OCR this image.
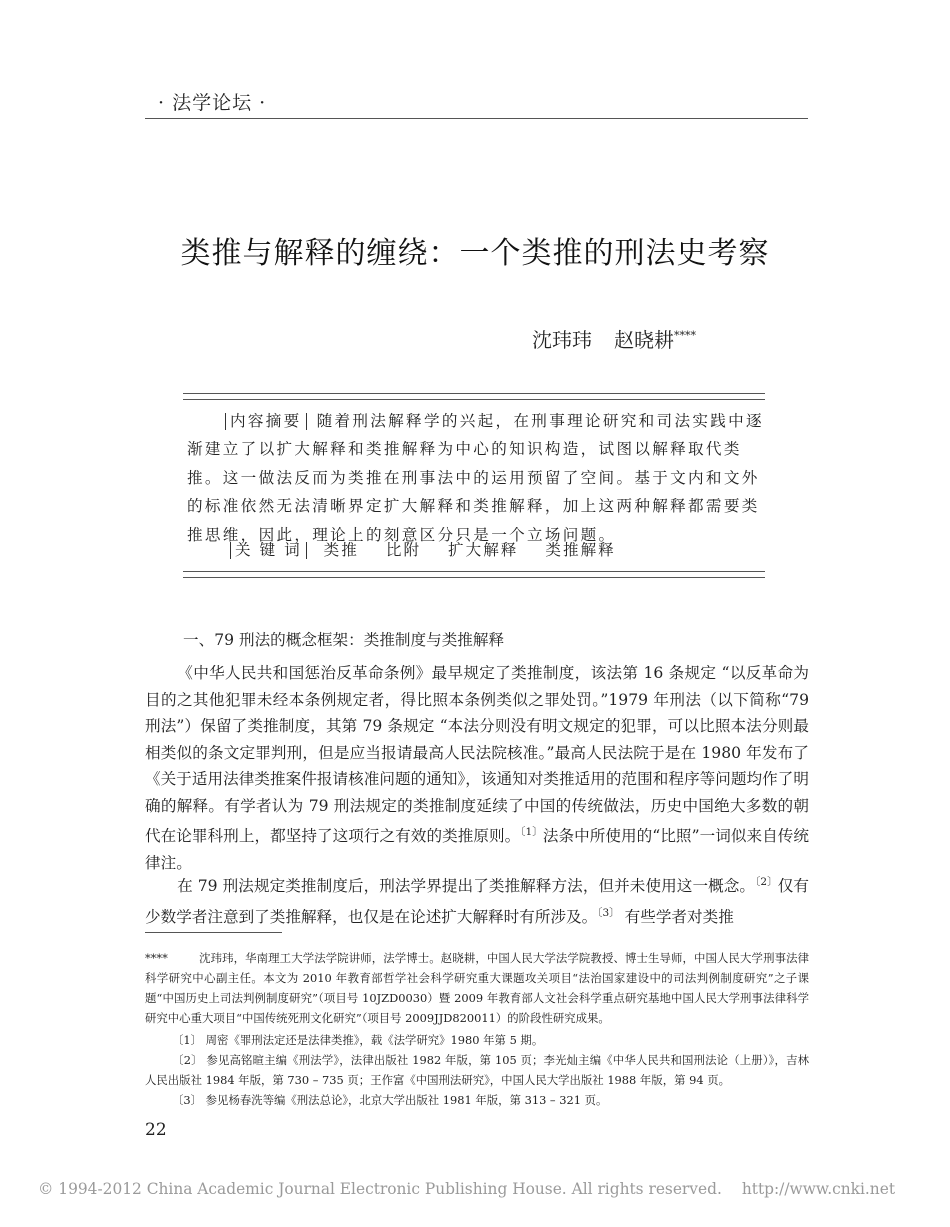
· 法学论坛 ·
类推与解释的缠绕：一个类推的刑法史考察
沈玮玮 赵晓耕****
内容摘要 随着刑法解释学的兴起，在刑事理论研究和司法实践中逐渐建立了以扩大解释和类推解释为中心的知识构造，试图以解释取代类推。这一做法反而为类推在刑事法中的运用预留了空间。基于文内和文外的标准依然无法清晰界定扩大解释和类推解释，加上这两种解释都需要类推思维，因此，理论上的刻意区分只是一个立场问题。
关 键 词 类推 比附 扩大解释 类推解释
一、79 刑法的概念框架：类推制度与类推解释
《中华人民共和国惩治反革命条例》最早规定了类推制度，该法第 16 条规定 “以反革命为目的之其他犯罪未经本条例规定者，得比照本条例类似之罪处罚。”1979 年刑法（以下简称“79 刑法”）保留了类推制度，其第 79 条规定 “本法分则没有明文规定的犯罪，可以比照本法分则最相类似的条文定罪判刑，但是应当报请最高人民法院核准。”最高人民法院于是在 1980 年发布了《关于适用法律类推案件报请核准问题的通知》，该通知对类推适用的范围和程序等问题均作了明确的解释。有学者认为 79 刑法规定的类推制度延续了中国的传统做法，历史中国绝大多数的朝代在论罪科刑上，都坚持了这项行之有效的类推原则。$^{〔1〕}$法条中所使用的“比照”一词似来自传统律注。
在 79 刑法规定类推制度后，刑法学界提出了类推解释方法，但并未使用这一概念。$^{〔2〕}$仅有少数学者注意到了类推解释，也仅是在论述扩大解释时有所涉及。$^{〔3〕}$ 有些学者对类推
****	沈玮玮，华南理工大学法学院讲师，法学博士。赵晓耕，中国人民大学法学院教授、博士生导师，中国人民大学刑事法律科学研究中心副主任。本文为 2010 年教育部哲学社会科学研究重大课题攻关项目“法治国家建设中的司法判例制度研究”之子课题“中国历史上司法判例制度研究”（项目号 10JZD0030）暨 2009 年教育部人文社会科学重点研究基地中国人民大学刑事法律科学研究中心重大项目“中国传统死刑文化研究”（项目号 2009JJD820011）的阶段性研究成果。
〔1〕 周密《罪刑法定还是法律类推》，载《法学研究》1980 年第 5 期。
〔2〕 参见高铭暄主编《刑法学》，法律出版社 1982 年版，第 105 页；李光灿主编《中华人民共和国刑法论（上册）》，吉林人民出版社 1984 年版，第 730 – 735 页；王作富《中国刑法研究》，中国人民大学出版社 1988 年版，第 94 页。
〔3〕 参见杨春洗等编《刑法总论》，北京大学出版社 1981 年版，第 313 – 321 页。
22
© 1994-2012 China Academic Journal Electronic Publishing House. All rights reserved. http://www.cnki.net
